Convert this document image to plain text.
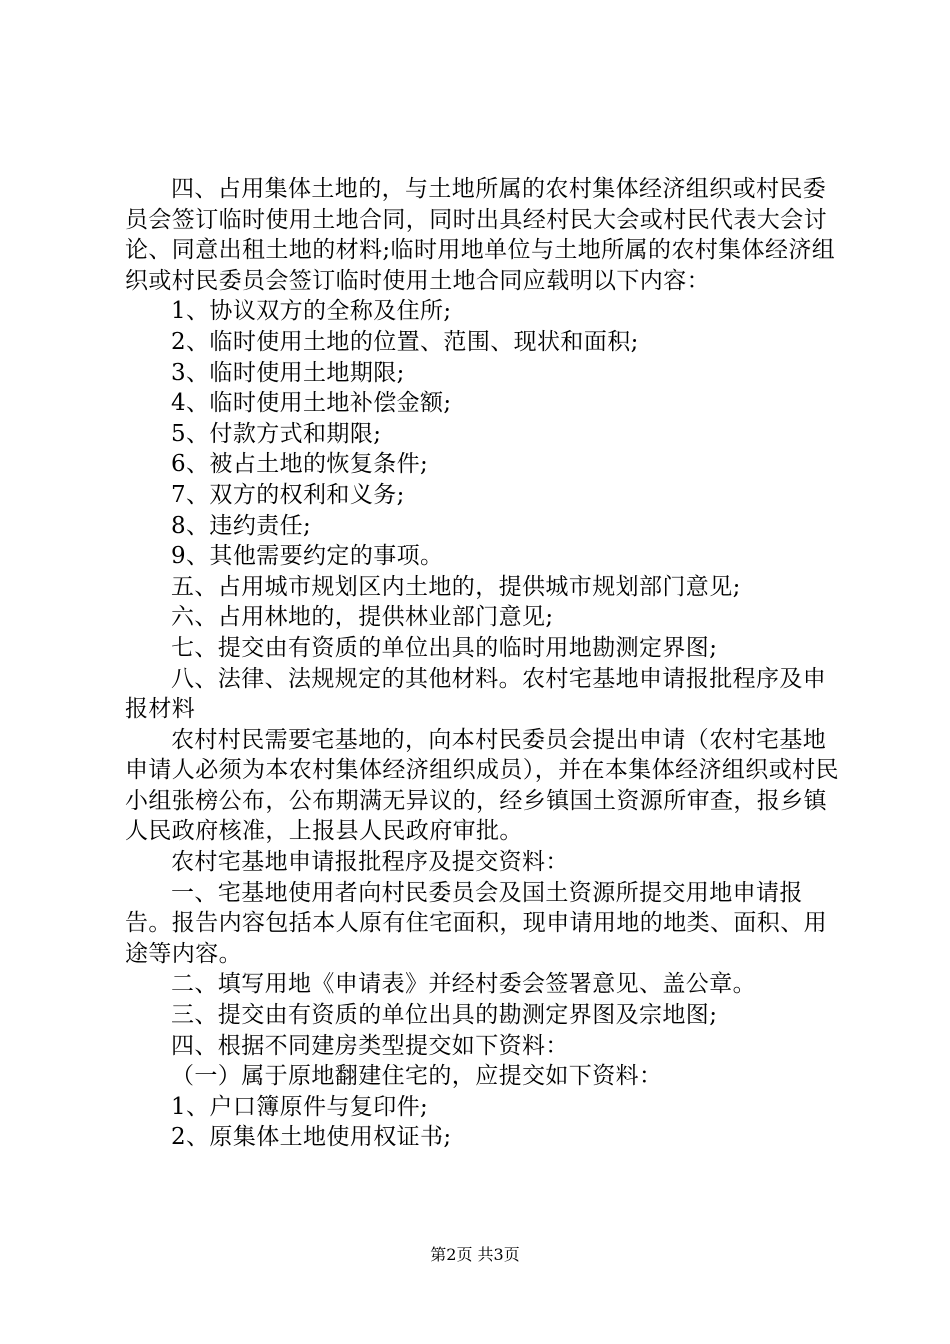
四、占用集体土地的，与土地所属的农村集体经济组织或村民委员会签订临时使用土地合同，同时出具经村民大会或村民代表大会讨论、同意出租土地的材料;临时用地单位与土地所属的农村集体经济组织或村民委员会签订临时使用土地合同应载明以下内容：

1、协议双方的全称及住所;

2、临时使用土地的位置、范围、现状和面积;

3、临时使用土地期限;

4、临时使用土地补偿金额;

5、付款方式和期限;

6、被占土地的恢复条件;

7、双方的权利和义务;

8、违约责任;

9、其他需要约定的事项。

五、占用城市规划区内土地的，提供城市规划部门意见;

六、占用林地的，提供林业部门意见;

七、提交由有资质的单位出具的临时用地勘测定界图;

八、法律、法规规定的其他材料。农村宅基地申请报批程序及申报材料

农村村民需要宅基地的，向本村民委员会提出申请（农村宅基地申请人必须为本农村集体经济组织成员），并在本集体经济组织或村民小组张榜公布，公布期满无异议的，经乡镇国土资源所审查，报乡镇人民政府核准，上报县人民政府审批。

农村宅基地申请报批程序及提交资料：

一、宅基地使用者向村民委员会及国土资源所提交用地申请报告。报告内容包括本人原有住宅面积，现申请用地的地类、面积、用途等内容。

二、填写用地《申请表》并经村委会签署意见、盖公章。

三、提交由有资质的单位出具的勘测定界图及宗地图;

四、根据不同建房类型提交如下资料：

（一）属于原地翻建住宅的，应提交如下资料：

1、户口簿原件与复印件;

2、原集体土地使用权证书;

第2页 共3页
